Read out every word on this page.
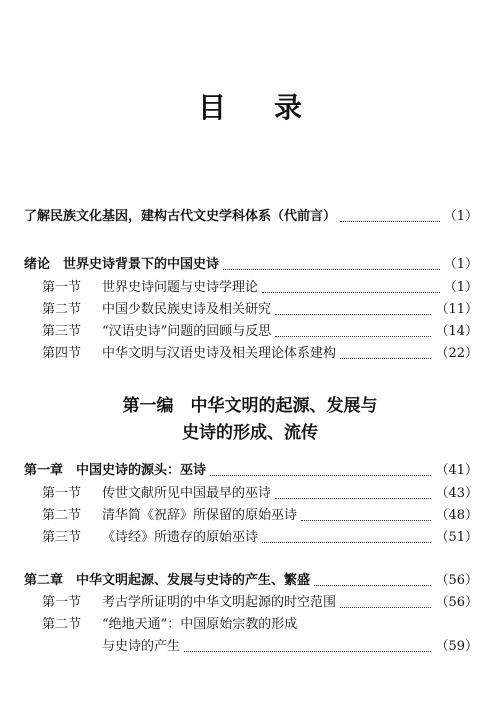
目 录
了解民族文化基因，建构古代文史学科体系（代前言）	（1）
绪论　世界史诗背景下的中国史诗	（1）
第一节	世界史诗问题与史诗学理论	（1）
第二节	中国少数民族史诗及相关研究	（11）
第三节	“汉语史诗”问题的回顾与反思	（14）
第四节	中华文明与汉语史诗及相关理论体系建构	（22）
第一编　中华文明的起源、发展与
史诗的形成、流传
第一章　中国史诗的源头：巫诗	（41）
第一节	传世文献所见中国最早的巫诗	（43）
第二节	清华简《祝辞》所保留的原始巫诗	（48）
第三节	《诗经》所遗存的原始巫诗	（51）
第二章　中华文明起源、发展与史诗的产生、繁盛	（56）
第一节	考古学所证明的中华文明起源的时空范围	（56）
第二节	“绝地天通”：中国原始宗教的形成
与史诗的产生	（59）
